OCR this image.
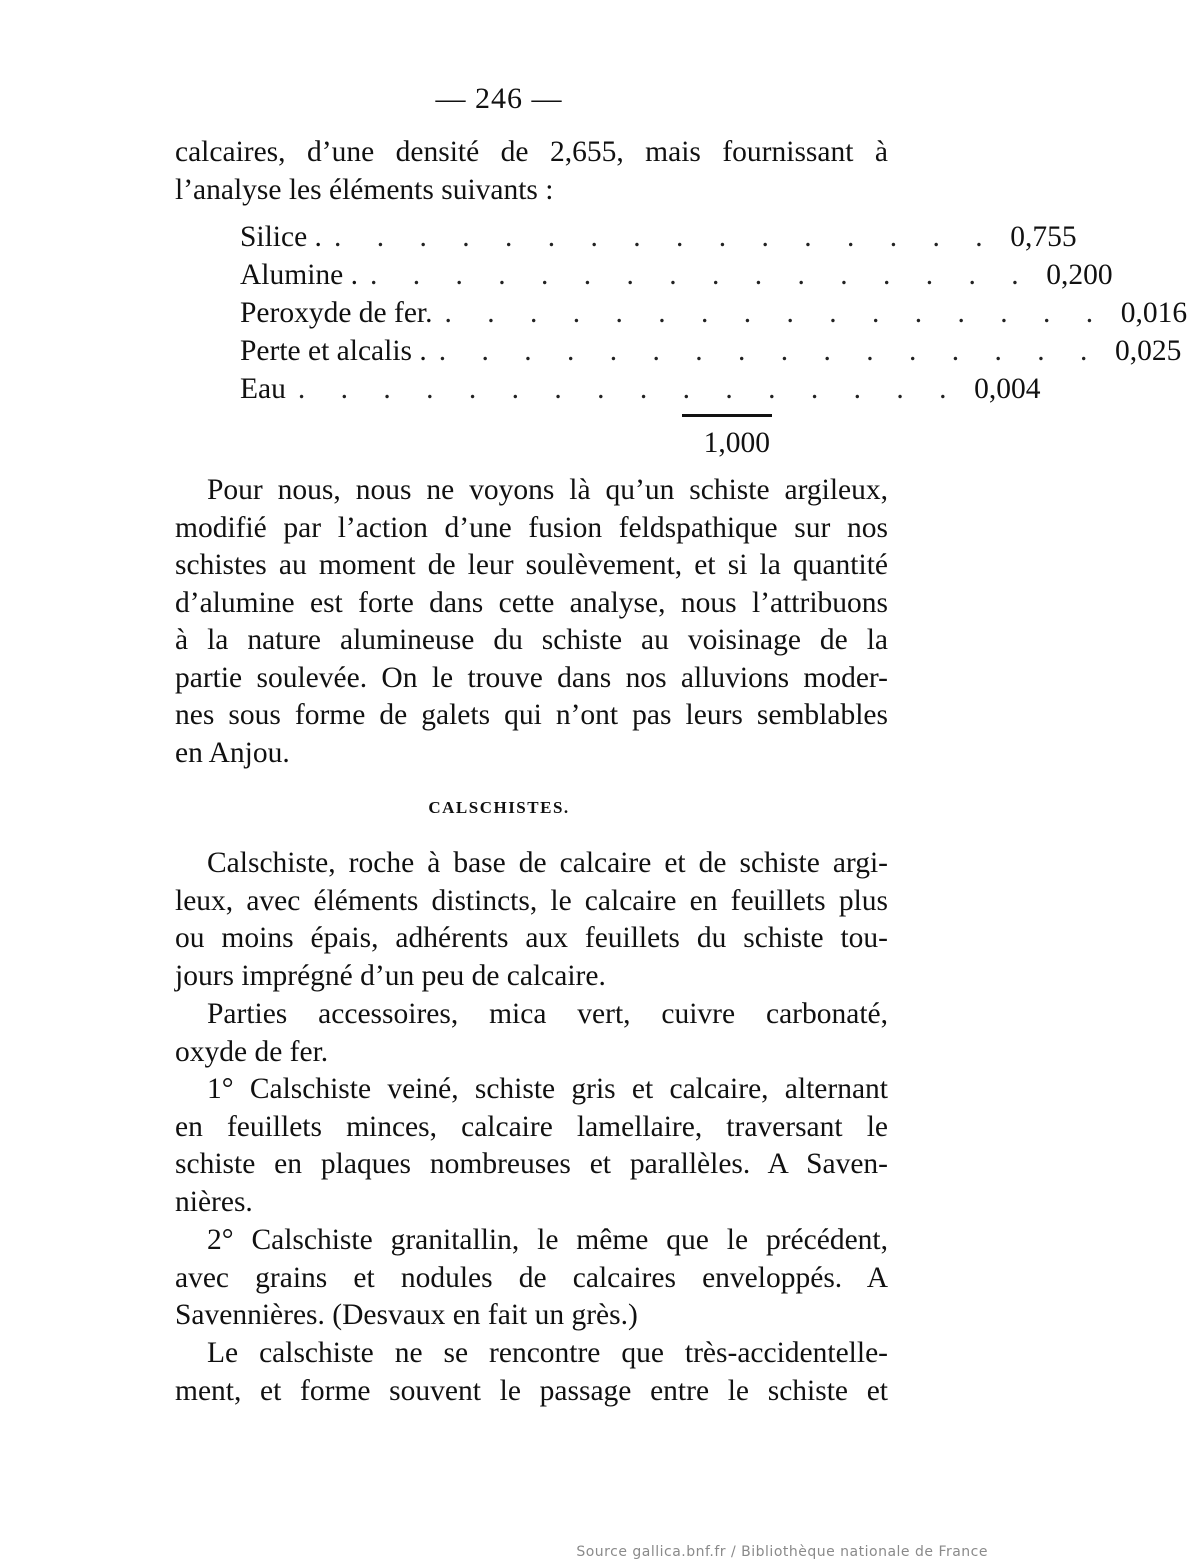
— 246 —
calcaires, d’une densité de 2,655, mais fournissant à
l’analyse les éléments suivants :
Silice . . . . . . . . . . . . . . . . . 0,755
Alumine . . . . . . . . . . . . . . . . . 0,200
Peroxyde de fer. . . . . . . . . . . . . . . . . 0,016
Perte et alcalis . . . . . . . . . . . . . . . . . 0,025
Eau . . . . . . . . . . . . . . . . 0,004
1,000
Pour nous, nous ne voyons là qu’un schiste argileux,
modifié par l’action d’une fusion feldspathique sur nos
schistes au moment de leur soulèvement, et si la quantité
d’alumine est forte dans cette analyse, nous l’attribuons
à la nature alumineuse du schiste au voisinage de la
partie soulevée. On le trouve dans nos alluvions moder-
nes sous forme de galets qui n’ont pas leurs semblables
en Anjou.
CALSCHISTES.
Calschiste, roche à base de calcaire et de schiste argi-
leux, avec éléments distincts, le calcaire en feuillets plus
ou moins épais, adhérents aux feuillets du schiste tou-
jours imprégné d’un peu de calcaire.
Parties accessoires, mica vert, cuivre carbonaté,
oxyde de fer.
1° Calschiste veiné, schiste gris et calcaire, alternant
en feuillets minces, calcaire lamellaire, traversant le
schiste en plaques nombreuses et parallèles. A Saven-
nières.
2° Calschiste granitallin, le même que le précédent,
avec grains et nodules de calcaires enveloppés. A
Savennières. (Desvaux en fait un grès.)
Le calschiste ne se rencontre que très-accidentelle-
ment, et forme souvent le passage entre le schiste et
Source gallica.bnf.fr / Bibliothèque nationale de France
